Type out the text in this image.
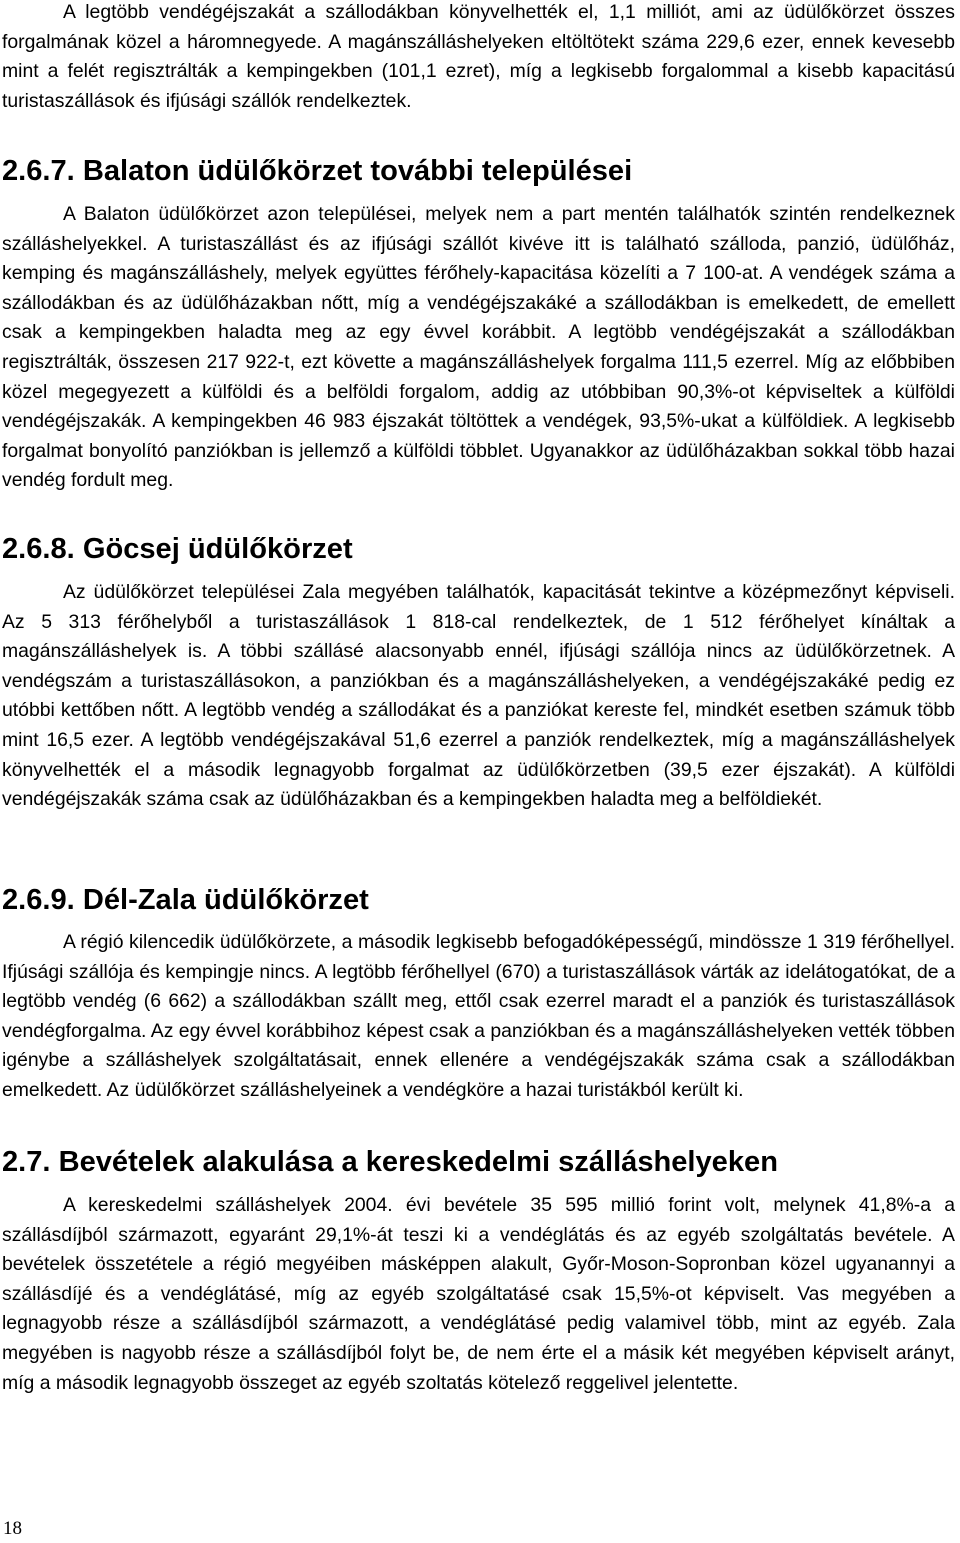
A legtöbb vendégéjszakát a szállodákban könyvelhették el, 1,1 milliót, ami az üdülőkörzet összes forgalmának közel a háromnegyede. A magánszálláshelyeken eltöltötekt száma 229,6 ezer, ennek kevesebb mint a felét regisztrálták a kempingekben (101,1 ezret), míg a legkisebb forgalommal a kisebb kapacitású turistaszállások és ifjúsági szállók rendelkeztek.

2.6.7. Balaton üdülőkörzet további települései

A Balaton üdülőkörzet azon települései, melyek nem a part mentén találhatók szintén rendelkeznek szálláshelyekkel. A turistaszállást és az ifjúsági szállót kivéve itt is található szálloda, panzió, üdülőház, kemping és magánszálláshely, melyek együttes férőhely-kapacitása közelíti a 7 100-at. A vendégek száma a szállodákban és az üdülőházakban nőtt, míg a vendégéjszakáké a szállodákban is emelkedett, de emellett csak a kempingekben haladta meg az egy évvel korábbit. A legtöbb vendégéjszakát a szállodákban regisztrálták, összesen 217 922-t, ezt követte a magánszálláshelyek forgalma 111,5 ezerrel. Míg az előbbiben közel megegyezett a külföldi és a belföldi forgalom, addig az utóbbiban 90,3%-ot képviseltek a külföldi vendégéjszakák. A kempingekben 46 983 éjszakát töltöttek a vendégek, 93,5%-ukat a külföldiek. A legkisebb forgalmat bonyolító panziókban is jellemző a külföldi többlet. Ugyanakkor az üdülőházakban sokkal több hazai vendég fordult meg.

2.6.8. Göcsej üdülőkörzet

Az üdülőkörzet települései Zala megyében találhatók, kapacitását tekintve a középmezőnyt képviseli. Az 5 313 férőhelyből a turistaszállások 1 818-cal rendelkeztek, de 1 512 férőhelyet kínáltak a magánszálláshelyek is. A többi szállásé alacsonyabb ennél, ifjúsági szállója nincs az üdülőkörzetnek. A vendégszám a turistaszállásokon, a panziókban és a magánszálláshelyeken, a vendégéjszakáké pedig ez utóbbi kettőben nőtt. A legtöbb vendég a szállodákat és a panziókat kereste fel, mindkét esetben számuk több mint 16,5 ezer. A legtöbb vendégéjszakával 51,6 ezerrel a panziók rendelkeztek, míg a magánszálláshelyek könyvelhették el a második legnagyobb forgalmat az üdülőkörzetben (39,5 ezer éjszakát). A külföldi vendégéjszakák száma csak az üdülőházakban és a kempingekben haladta meg a belföldiekét.

2.6.9. Dél-Zala üdülőkörzet

A régió kilencedik üdülőkörzete, a második legkisebb befogadóképességű, mindössze 1 319 férőhellyel. Ifjúsági szállója és kempingje nincs. A legtöbb férőhellyel (670) a turistaszállások várták az idelátogatókat, de a legtöbb vendég (6 662) a szállodákban szállt meg, ettől csak ezerrel maradt el a panziók és turistaszállások vendégforgalma. Az egy évvel korábbihoz képest csak a panziókban és a magánszálláshelyeken vették többen igénybe a szálláshelyek szolgáltatásait, ennek ellenére a vendégéjszakák száma csak a szállodákban emelkedett. Az üdülőkörzet szálláshelyeinek a vendégköre a hazai turistákból került ki.

2.7. Bevételek alakulása a kereskedelmi szálláshelyeken

A kereskedelmi szálláshelyek 2004. évi bevétele 35 595 millió forint volt, melynek 41,8%-a a szállásdíjból származott, egyaránt 29,1%-át teszi ki a vendéglátás és az egyéb szolgáltatás bevétele. A bevételek összetétele a régió megyéiben másképpen alakult, Győr-Moson-Sopronban közel ugyanannyi a szállásdíjé és a vendéglátásé, míg az egyéb szolgáltatásé csak 15,5%-ot képviselt. Vas megyében a legnagyobb része a szállásdíjból származott, a vendéglátásé pedig valamivel több, mint az egyéb. Zala megyében is nagyobb része a szállásdíjból folyt be, de nem érte el a másik két megyében képviselt arányt, míg a második legnagyobb összeget az egyéb szoltatás kötelező reggelivel jelentette.

18
